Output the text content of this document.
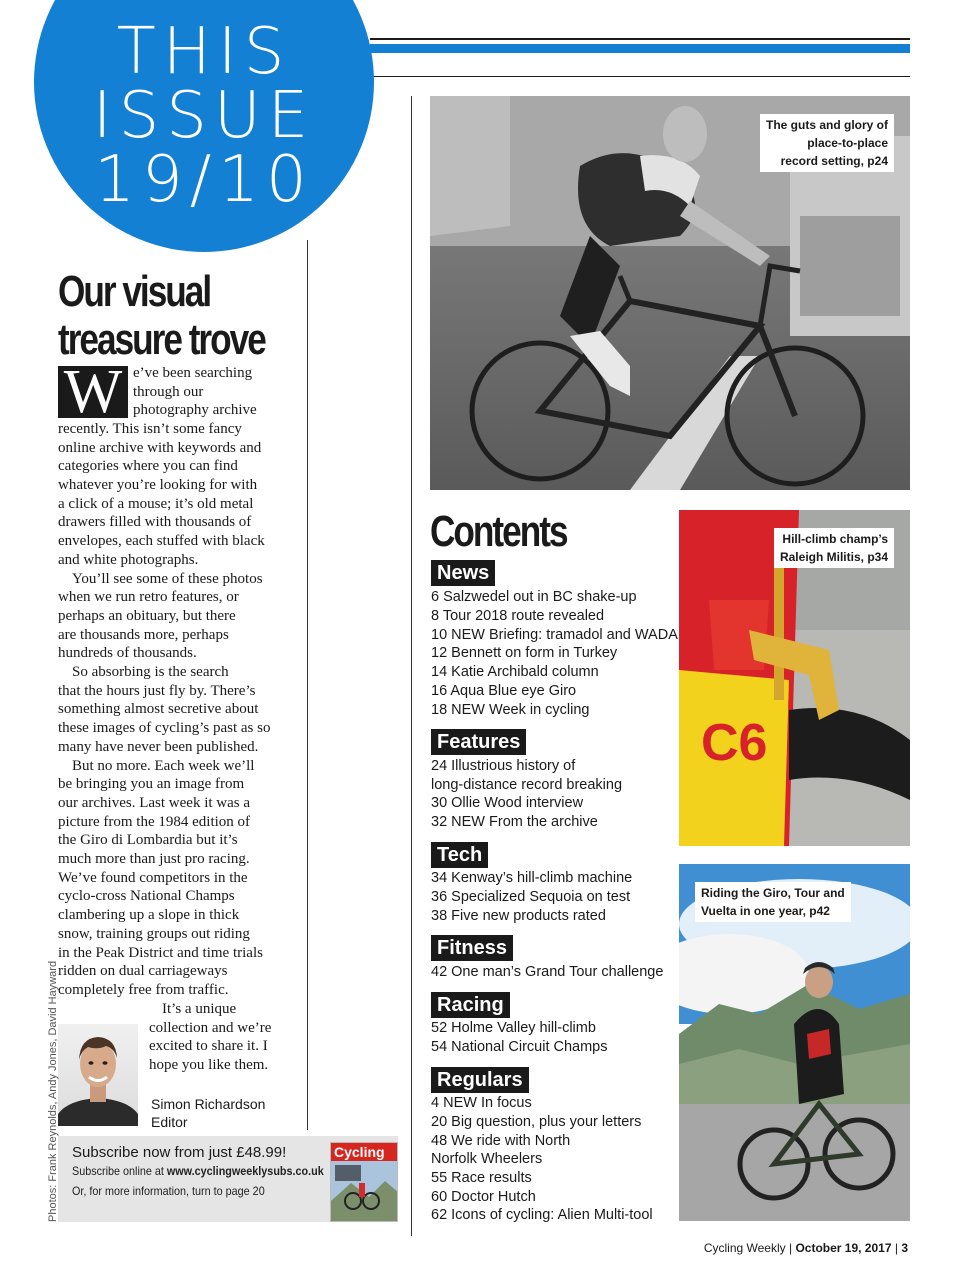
THIS
ISSUE
19/10
Our visual
treasure trove
W e’ve been searching
through our
photography archive
recently. This isn’t some fancy
online archive with keywords and
categories where you can find
whatever you’re looking for with
a click of a mouse; it’s old metal
drawers filled with thousands of
envelopes, each stuffed with black
and white photographs.
You’ll see some of these photos
when we run retro features, or
perhaps an obituary, but there
are thousands more, perhaps
hundreds of thousands.
So absorbing is the search
that the hours just fly by. There’s
something almost secretive about
these images of cycling’s past as so
many have never been published.
But no more. Each week we’ll
be bringing you an image from
our archives. Last week it was a
picture from the 1984 edition of
the Giro di Lombardia but it’s
much more than just pro racing.
We’ve found competitors in the
cyclo-cross National Champs
clambering up a slope in thick
snow, training groups out riding
in the Peak District and time trials
ridden on dual carriageways
completely free from traffic.
It’s a unique
collection and we’re
excited to share it. I
hope you like them.
Simon Richardson
Editor
Subscribe now from just £48.99!
Subscribe online at www.cyclingweeklysubs.co.uk
Or, for more information, turn to page 20
Cycling
Photos: Frank Reynolds, Andy Jones, David Hayward
The guts and glory of
place-to-place
record setting, p24
C6
Hill-climb champ’s
Raleigh Militis, p34
Riding the Giro, Tour and
Vuelta in one year, p42
Contents
News
6 Salzwedel out in BC shake-up
8 Tour 2018 route revealed
10 NEW Briefing: tramadol and WADA
12 Bennett on form in Turkey
14 Katie Archibald column
16 Aqua Blue eye Giro
18 NEW Week in cycling
Features
24 Illustrious history of
long-distance record breaking
30 Ollie Wood interview
32 NEW From the archive
Tech
34 Kenway’s hill-climb machine
36 Specialized Sequoia on test
38 Five new products rated
Fitness
42 One man’s Grand Tour challenge
Racing
52 Holme Valley hill-climb
54 National Circuit Champs
Regulars
4 NEW In focus
20 Big question, plus your letters
48 We ride with North
Norfolk Wheelers
55 Race results
60 Doctor Hutch
62 Icons of cycling: Alien Multi-tool
Cycling Weekly | October 19, 2017 | 3
